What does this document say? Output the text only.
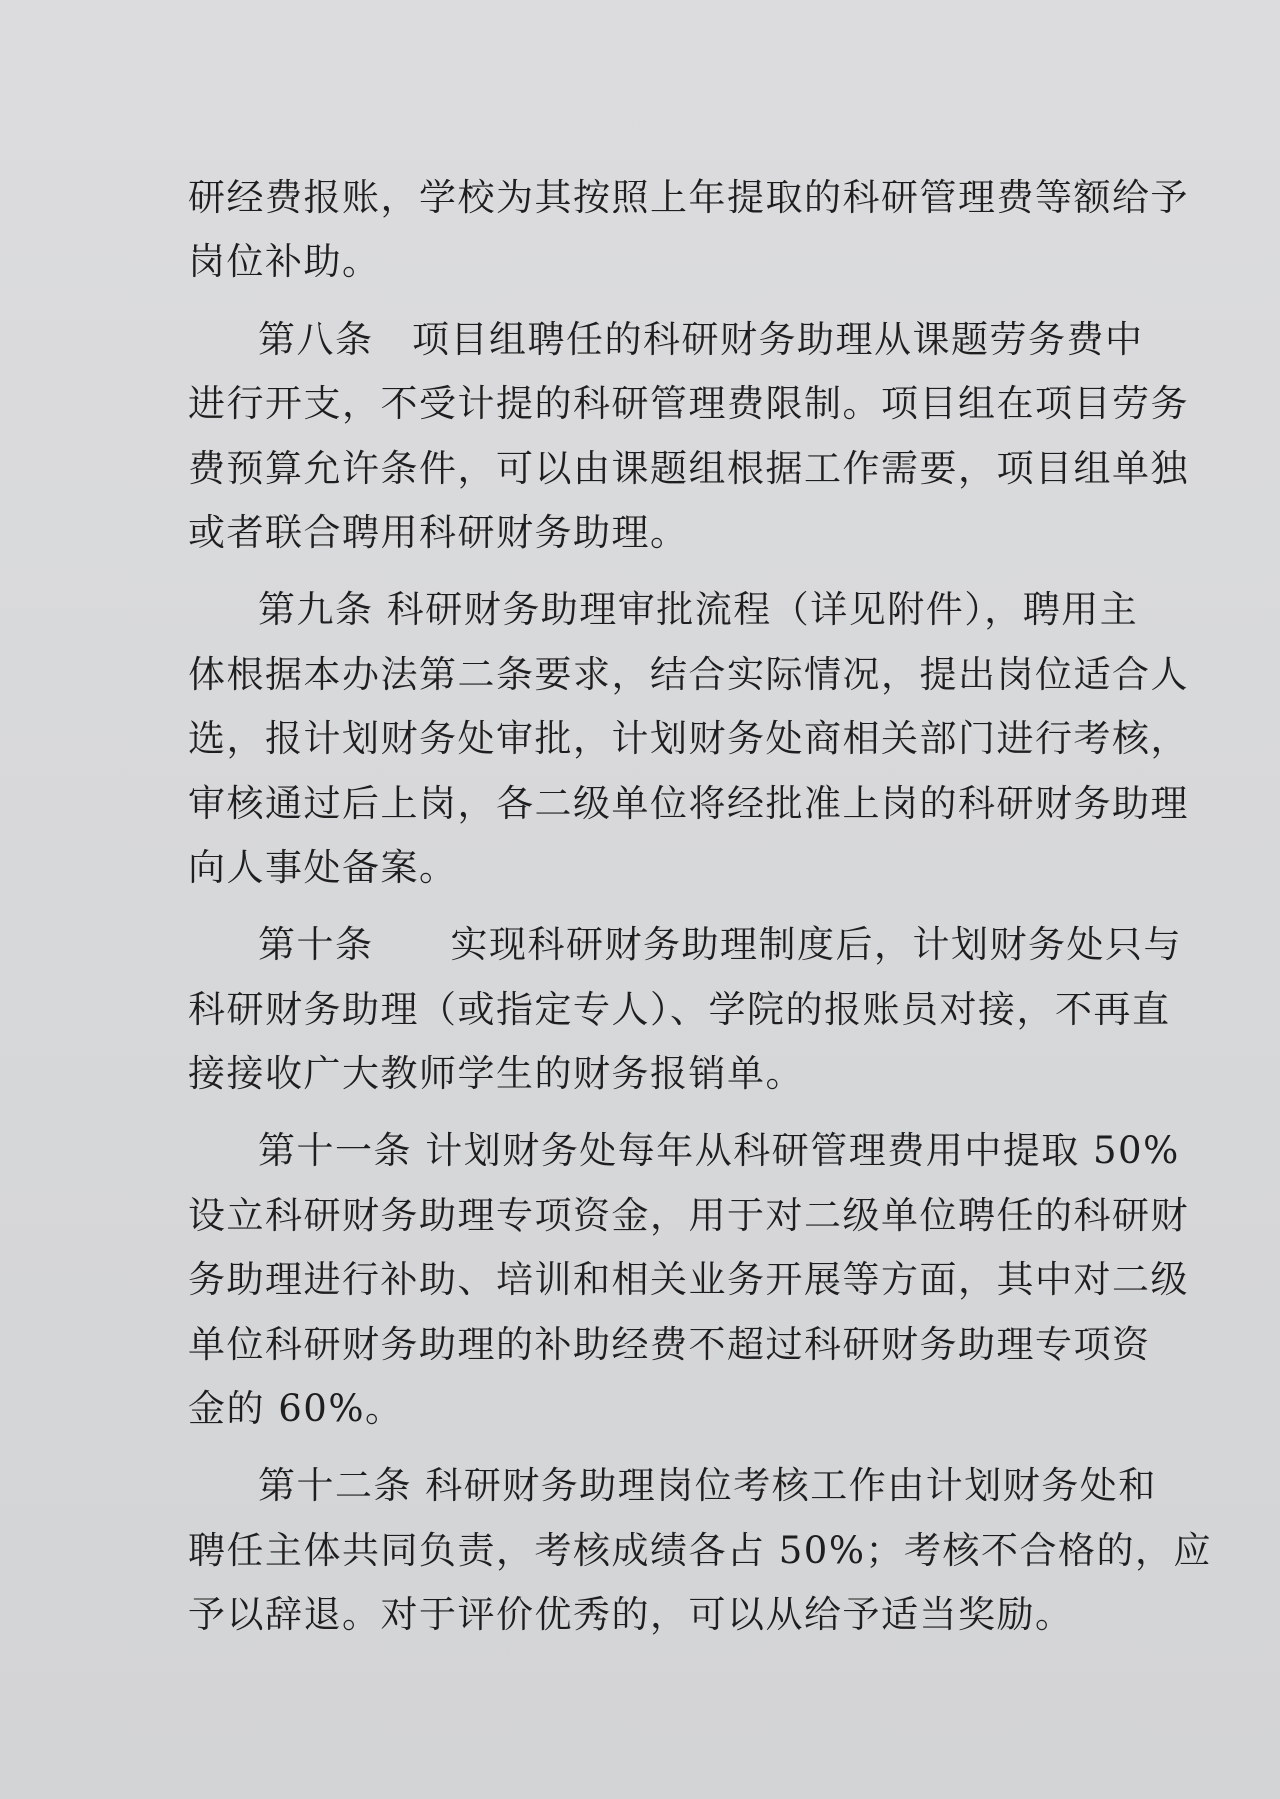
研经费报账，学校为其按照上年提取的科研管理费等额给予
岗位补助。
第八条　项目组聘任的科研财务助理从课题劳务费中
进行开支，不受计提的科研管理费限制。项目组在项目劳务
费预算允许条件，可以由课题组根据工作需要，项目组单独
或者联合聘用科研财务助理。
第九条 科研财务助理审批流程（详见附件），聘用主
体根据本办法第二条要求，结合实际情况，提出岗位适合人
选，报计划财务处审批，计划财务处商相关部门进行考核，
审核通过后上岗，各二级单位将经批准上岗的科研财务助理
向人事处备案。
第十条　　实现科研财务助理制度后，计划财务处只与
科研财务助理（或指定专人）、学院的报账员对接，不再直
接接收广大教师学生的财务报销单。
第十一条 计划财务处每年从科研管理费用中提取 50%
设立科研财务助理专项资金，用于对二级单位聘任的科研财
务助理进行补助、培训和相关业务开展等方面，其中对二级
单位科研财务助理的补助经费不超过科研财务助理专项资
金的 60%。
第十二条 科研财务助理岗位考核工作由计划财务处和
聘任主体共同负责，考核成绩各占 50%；考核不合格的，应
予以辞退。对于评价优秀的，可以从给予适当奖励。
